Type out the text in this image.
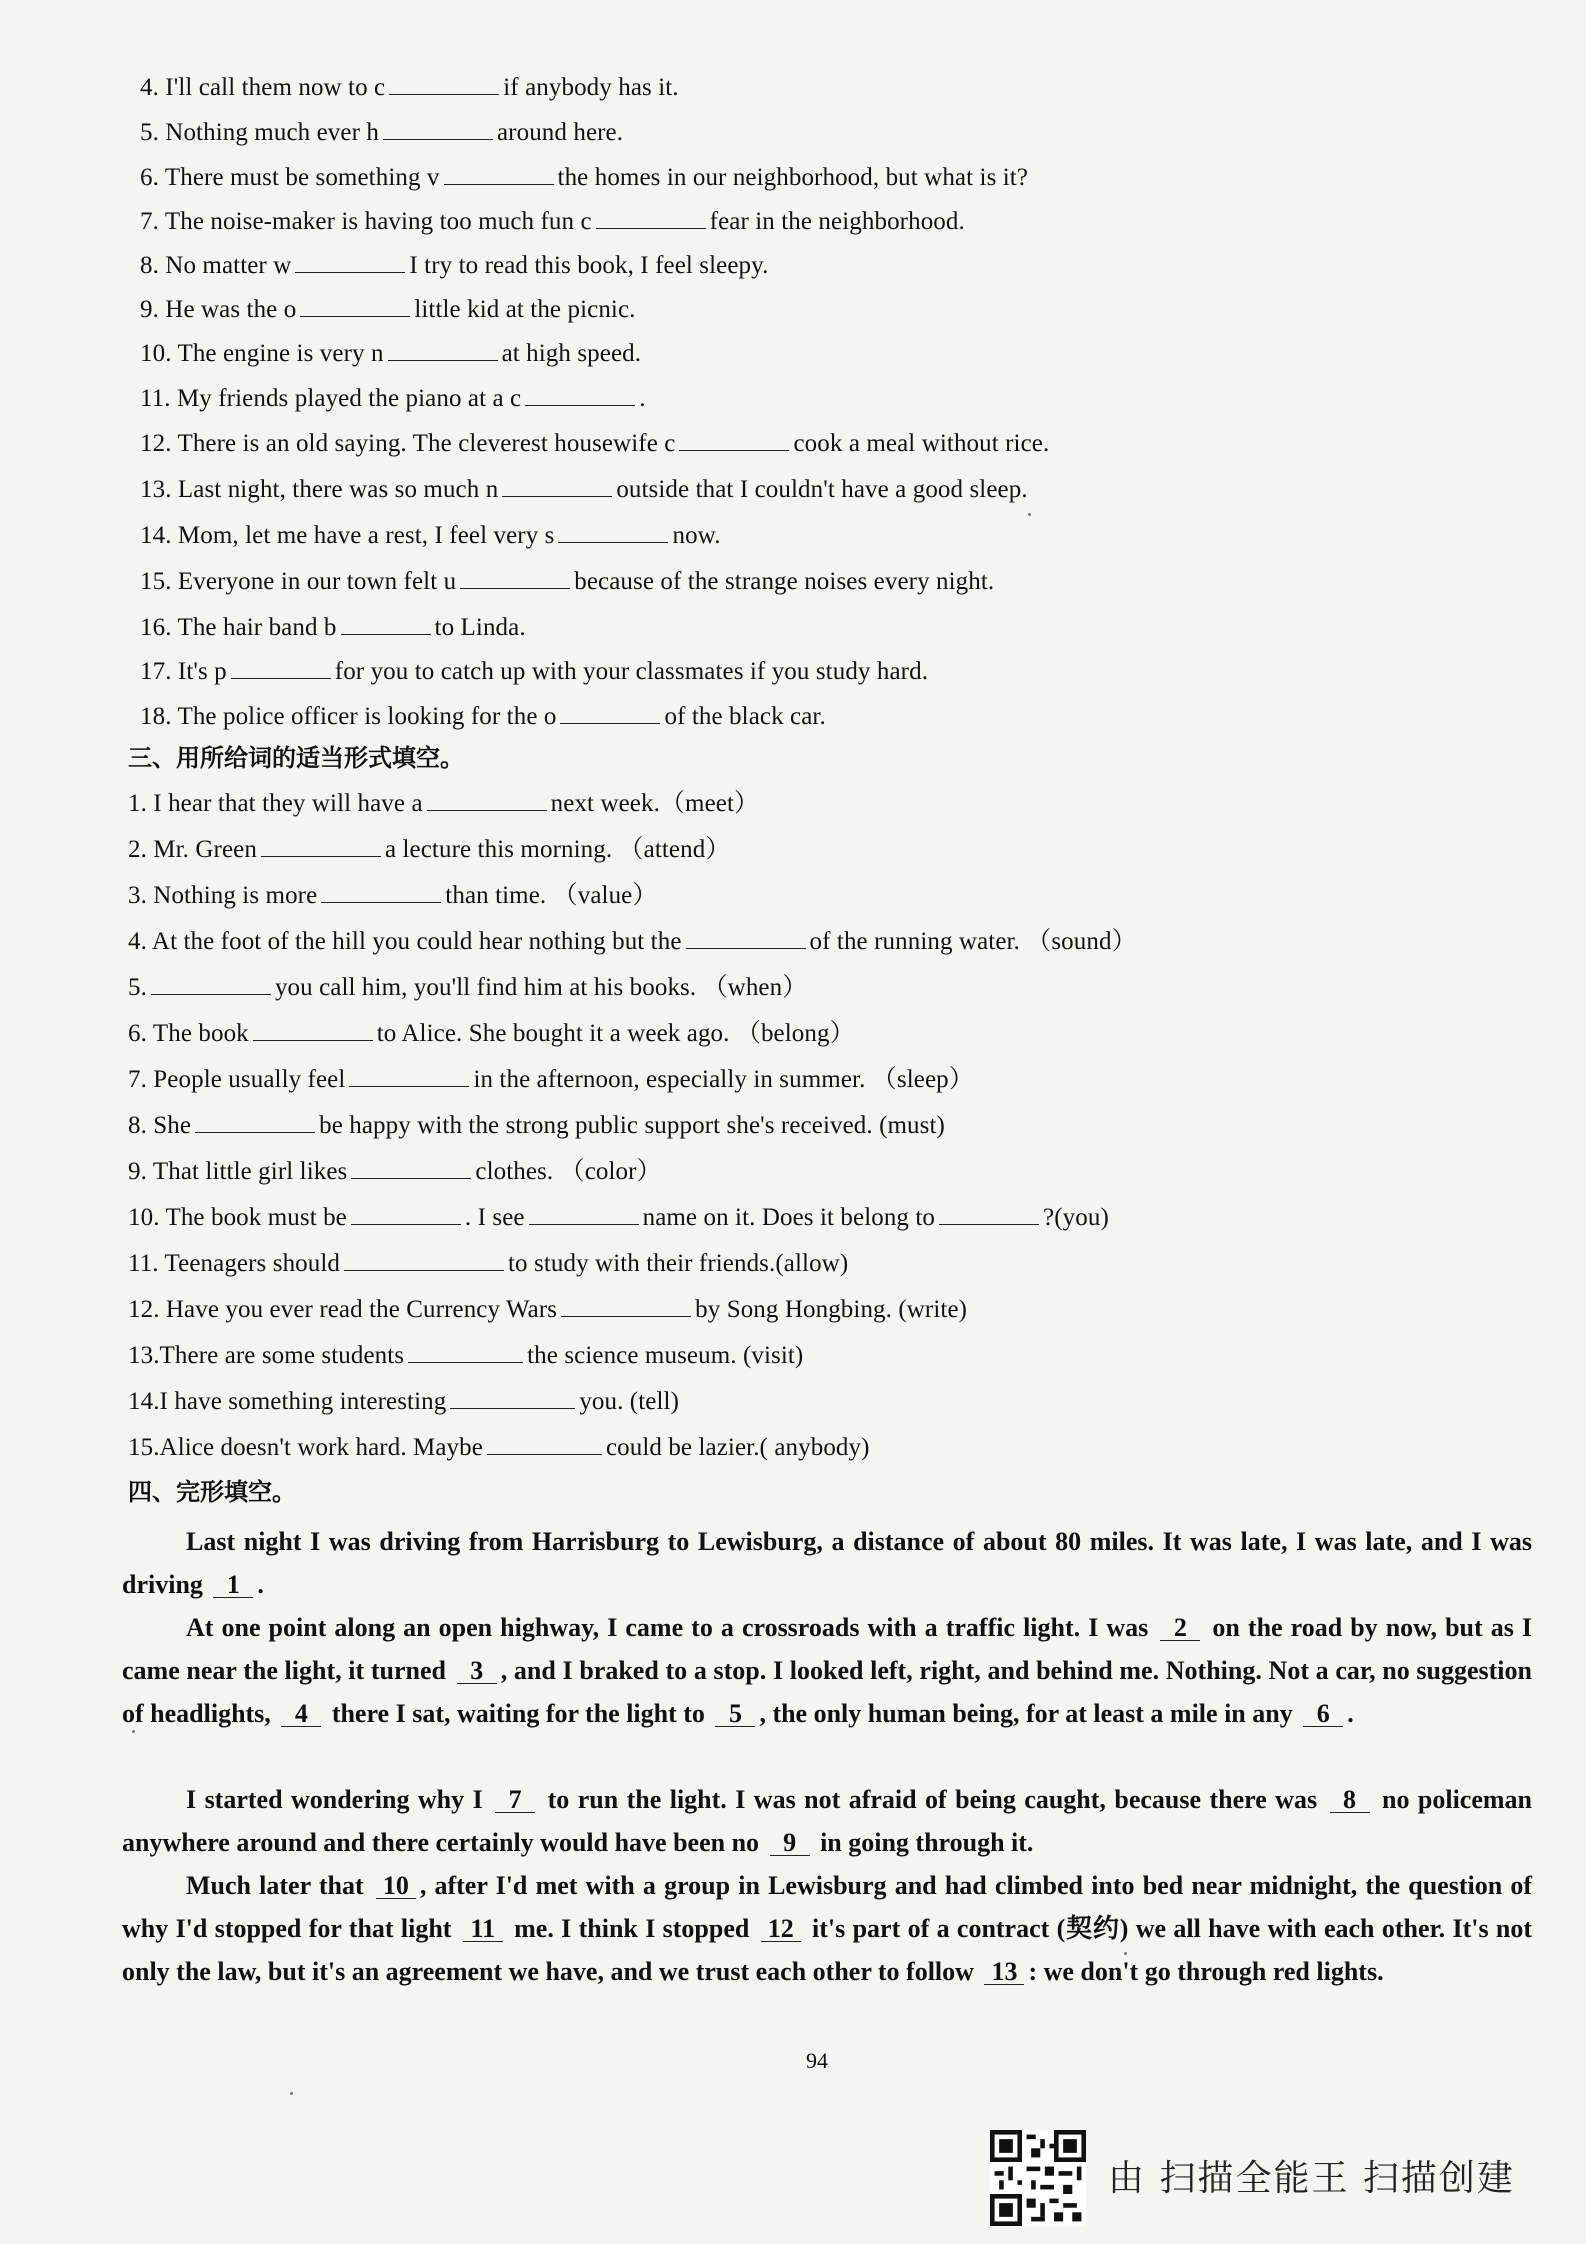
4. I'll call them now to c	if anybody has it.
5. Nothing much ever h	around here.
6. There must be something v	the homes in our neighborhood, but what is it?
7. The noise-maker is having too much fun c	fear in the neighborhood.
8. No matter w	I try to read this book, I feel sleepy.
9. He was the o	little kid at the picnic.
10. The engine is very n	at high speed.
11. My friends played the piano at a c	.
12. There is an old saying. The cleverest housewife c	cook a meal without rice.
13. Last night, there was so much n	outside that I couldn't have a good sleep.
14. Mom, let me have a rest, I feel very s	now.
15. Everyone in our town felt u	because of the strange noises every night.
16. The hair band b	to Linda.
17. It's p	for you to catch up with your classmates if you study hard.
18. The police officer is looking for the o	of the black car.
三、用所给词的适当形式填空。
1. I hear that they will have a	next week.（meet）
2. Mr. Green	a lecture this morning. （attend）
3. Nothing is more	than time. （value）
4. At the foot of the hill you could hear nothing but the	of the running water. （sound）
5.	you call him, you'll find him at his books. （when）
6. The book	to Alice. She bought it a week ago. （belong）
7. People usually feel	in the afternoon, especially in summer. （sleep）
8. She	be happy with the strong public support she's received. (must)
9. That little girl likes	clothes. （color）
10. The book must be	. I see	name on it. Does it belong to	?(you)
11. Teenagers should	to study with their friends.(allow)
12. Have you ever read the Currency Wars	by Song Hongbing. (write)
13.There are some students	the science museum. (visit)
14.I have something interesting	you. (tell)
15.Alice doesn't work hard. Maybe	could be lazier.( anybody)
四、完形填空。
Last night I was driving from Harrisburg to Lewisburg, a distance of about 80 miles. It was late, I was late, and I was driving 1 .
At one point along an open highway, I came to a crossroads with a traffic light. I was 2 on the road by now, but as I came near the light, it turned 3 , and I braked to a stop. I looked left, right, and behind me. Nothing. Not a car, no suggestion of headlights, 4 there I sat, waiting for the light to 5 , the only human being, for at least a mile in any 6 .
I started wondering why I 7 to run the light. I was not afraid of being caught, because there was 8 no policeman anywhere around and there certainly would have been no 9 in going through it.
Much later that 10 , after I'd met with a group in Lewisburg and had climbed into bed near midnight, the question of why I'd stopped for that light 11 me. I think I stopped 12 it's part of a contract (契约) we all have with each other. It's not only the law, but it's an agreement we have, and we trust each other to follow 13 : we don't go through red lights.
94
由 扫描全能王 扫描创建
